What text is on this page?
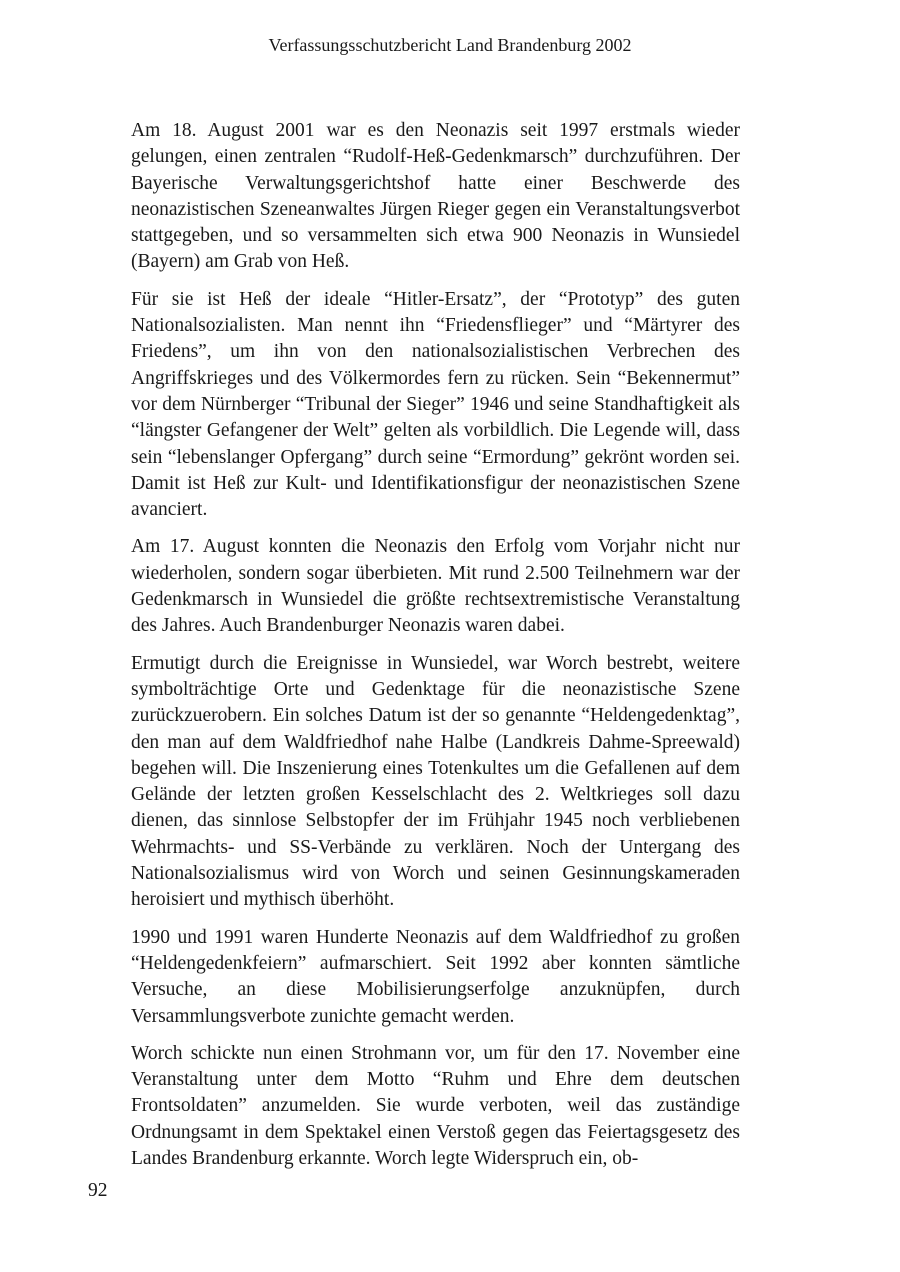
Verfassungsschutzbericht Land Brandenburg 2002

Am 18. August 2001 war es den Neonazis seit 1997 erstmals wieder gelungen, einen zentralen “Rudolf-Heß-Gedenkmarsch” durchzuführen. Der Bayerische Verwaltungsgerichtshof hatte einer Beschwerde des neonazistischen Szeneanwaltes Jürgen Rieger gegen ein Veranstaltungsverbot stattgegeben, und so versammelten sich etwa 900 Neonazis in Wunsiedel (Bayern) am Grab von Heß.

Für sie ist Heß der ideale “Hitler-Ersatz”, der “Prototyp” des guten Nationalsozialisten. Man nennt ihn “Friedensflieger” und “Märtyrer des Friedens”, um ihn von den nationalsozialistischen Verbrechen des Angriffskrieges und des Völkermordes fern zu rücken. Sein “Bekennermut” vor dem Nürnberger “Tribunal der Sieger” 1946 und seine Standhaftigkeit als “längster Gefangener der Welt” gelten als vorbildlich. Die Legende will, dass sein “lebenslanger Opfergang” durch seine “Ermordung” gekrönt worden sei. Damit ist Heß zur Kult- und Identifikationsfigur der neonazistischen Szene avanciert.

Am 17. August konnten die Neonazis den Erfolg vom Vorjahr nicht nur wiederholen, sondern sogar überbieten. Mit rund 2.500 Teilnehmern war der Gedenkmarsch in Wunsiedel die größte rechtsextremistische Veranstaltung des Jahres. Auch Brandenburger Neonazis waren dabei.

Ermutigt durch die Ereignisse in Wunsiedel, war Worch bestrebt, weitere symbolträchtige Orte und Gedenktage für die neonazistische Szene zurückzuerobern. Ein solches Datum ist der so genannte “Heldengedenktag”, den man auf dem Waldfriedhof nahe Halbe (Landkreis Dahme-Spreewald) begehen will. Die Inszenierung eines Totenkultes um die Gefallenen auf dem Gelände der letzten großen Kesselschlacht des 2. Weltkrieges soll dazu dienen, das sinnlose Selbstopfer der im Frühjahr 1945 noch verbliebenen Wehrmachts- und SS-Verbände zu verklären. Noch der Untergang des Nationalsozialismus wird von Worch und seinen Gesinnungskameraden heroisiert und mythisch überhöht.

1990 und 1991 waren Hunderte Neonazis auf dem Waldfriedhof zu großen “Heldengedenkfeiern” aufmarschiert. Seit 1992 aber konnten sämtliche Versuche, an diese Mobilisierungserfolge anzuknüpfen, durch Versammlungsverbote zunichte gemacht werden.

Worch schickte nun einen Strohmann vor, um für den 17. November eine Veranstaltung unter dem Motto “Ruhm und Ehre dem deutschen Frontsoldaten” anzumelden. Sie wurde verboten, weil das zuständige Ordnungsamt in dem Spektakel einen Verstoß gegen das Feiertagsgesetz des Landes Brandenburg erkannte. Worch legte Widerspruch ein, ob-

92
